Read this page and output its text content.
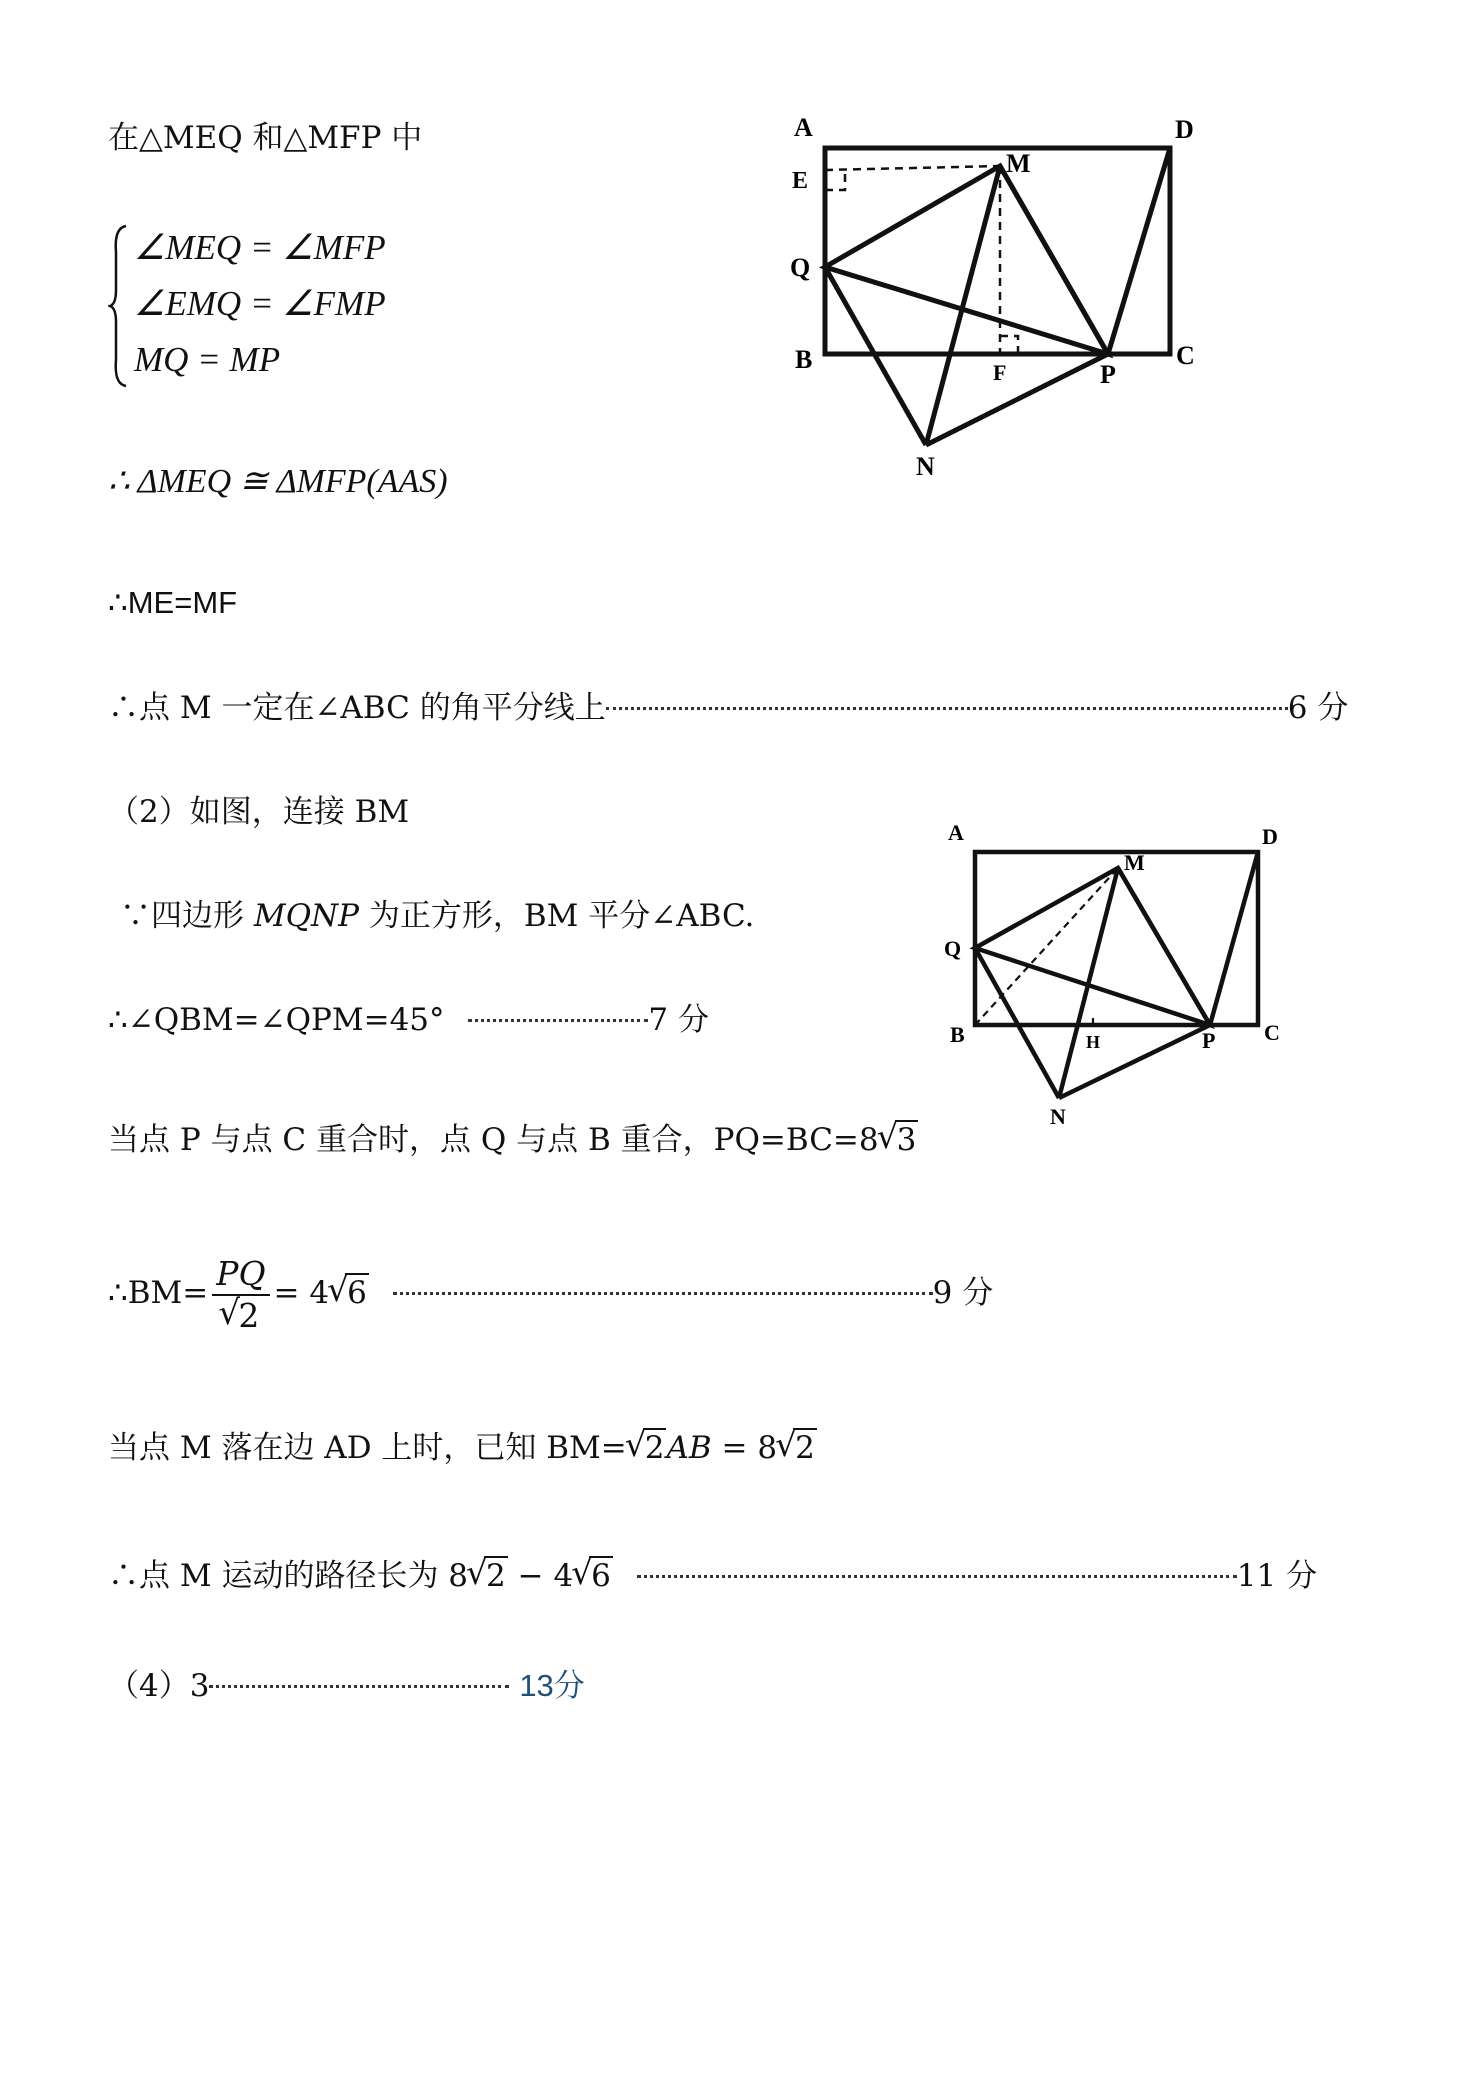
在△MEQ 和△MFP 中
∠MEQ = ∠MFP
∠EMQ = ∠FMP
MQ = MP
∴ ΔMEQ ≅ ΔMFP(AAS)
∴ME=MF
∴点 M 一定在∠ABC 的角平分线上	6 分
（2）如图，连接 BM
∵四边形 MQNP 为正方形，BM 平分∠ABC.
∴∠QBM=∠QPM=45°	7 分
当点 P 与点 C 重合时，点 Q 与点 B 重合，PQ=BC=8 √ 3
∴BM= PQ
√ 2 = 4 √ 6	9 分
当点 M 落在边 AD 上时，已知 BM= √ 2AB = 8 √ 2
∴点 M 运动的路径长为 8 √ 2 − 4 √ 6	11 分
（4）3	13分
A	D
E
M
Q
B	F	P
C
N
A	D
M
Q
B	H	P C
N
